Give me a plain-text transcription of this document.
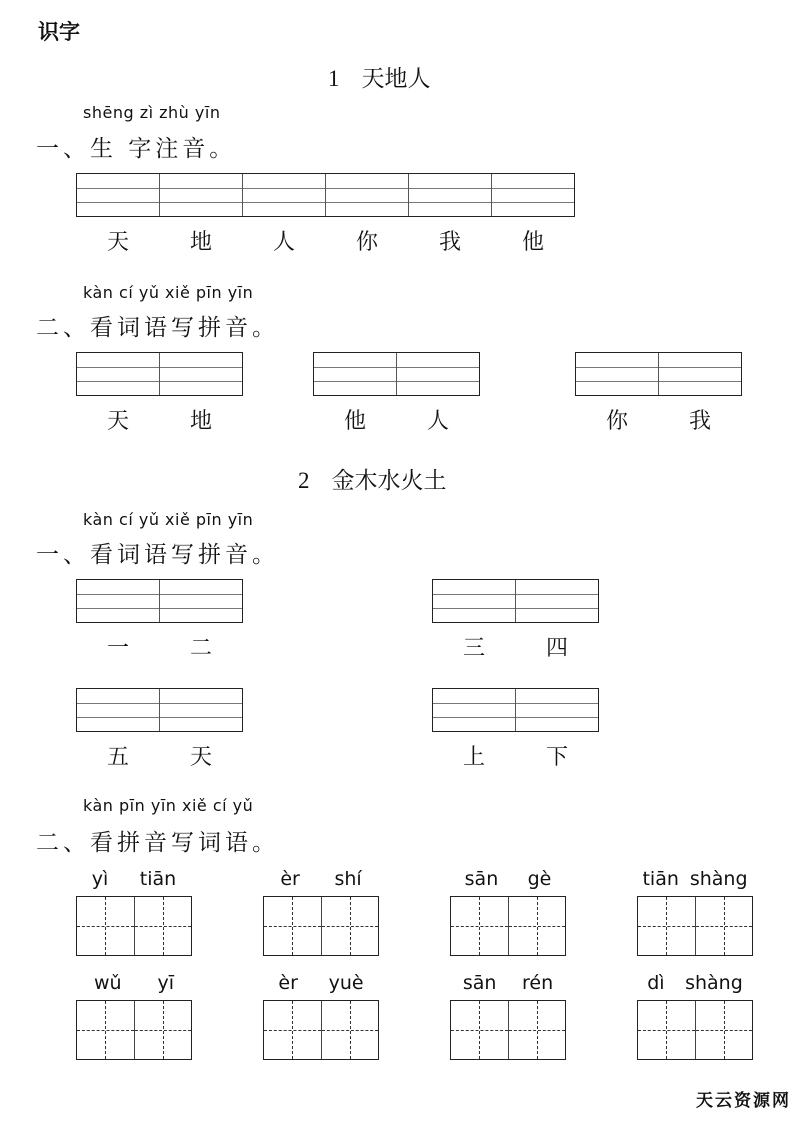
识字
1 天地人
shēng zì zhù yīn
一、生 字注音。
kàn cí yǔ xiě pīn yīn
二、看词语写拼音。
2 金木水火土
kàn cí yǔ xiě pīn yīn
一、看词语写拼音。
kàn pīn yīn xiě cí yǔ
二、看拼音写词语。
天	地	人	你	我	他
天	地	他	人	你	我
一	二	三	四
五	天	上	下
yì tiān	èr shí	sān gè	tiān shàng
wǔ yī	èr yuè	sān rén	dì shàng
天云资源网
